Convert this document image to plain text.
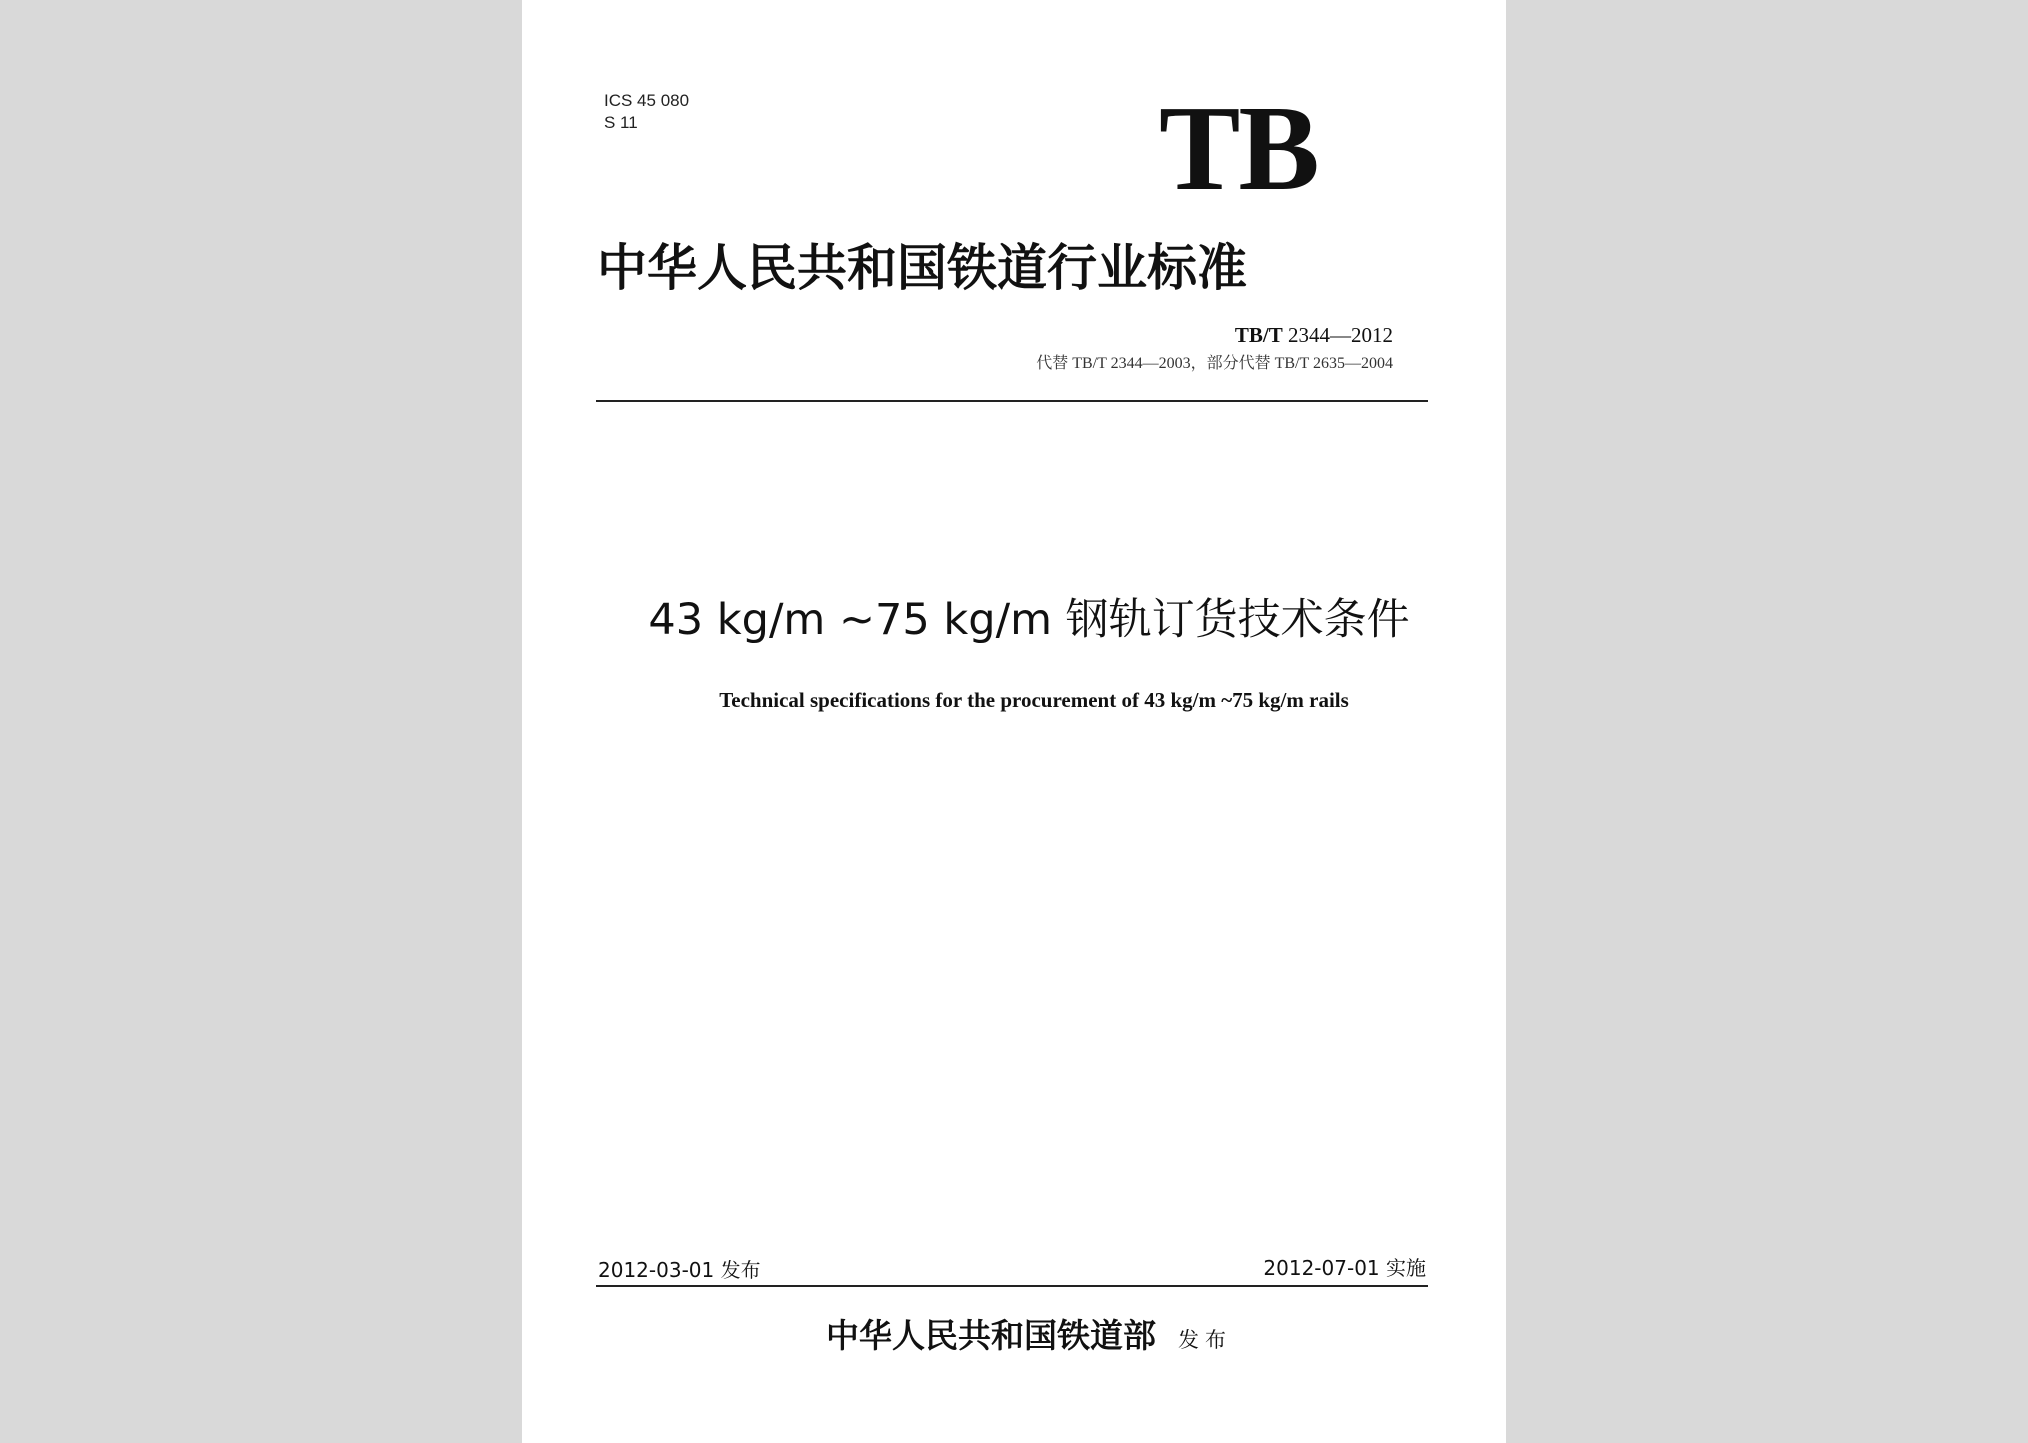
ICS 45 080
S 11	TB
中华人民共和国铁道行业标准
TB/T 2344—2012
代替 TB/T 2344—2003，部分代替 TB/T 2635—2004
43 kg/m ~75 kg/m 钢轨订货技术条件
Technical specifications for the procurement of 43 kg/m ~75 kg/m rails
2012-03-01 发布	2012-07-01 实施
中华人民共和国铁道部 发布
